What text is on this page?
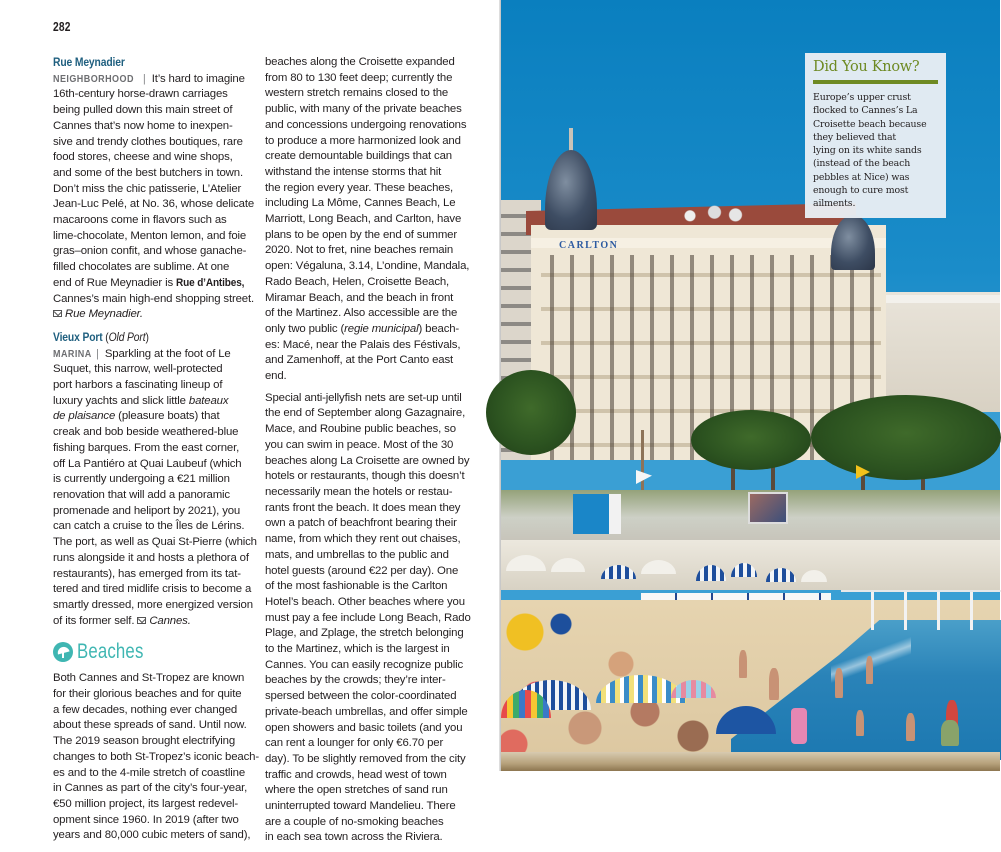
282
Rue Meynadier
NEIGHBORHOOD | It’s hard to imagine
16th-century horse-drawn carriages
being pulled down this main street of
Cannes that’s now home to inexpen-
sive and trendy clothes boutiques, rare
food stores, cheese and wine shops,
and some of the best butchers in town.
Don’t miss the chic patisserie, L’Atelier
Jean-Luc Pelé, at No. 36, whose delicate
macaroons come in flavors such as
lime-chocolate, Menton lemon, and foie
gras–onion confit, and whose ganache-
filled chocolates are sublime. At one
end of Rue Meynadier is Rue d’Antibes,
Cannes’s main high-end shopping street.
Rue Meynadier.
Vieux Port (Old Port)
MARINA | Sparkling at the foot of Le
Suquet, this narrow, well-protected
port harbors a fascinating lineup of
luxury yachts and slick little bateaux
de plaisance (pleasure boats) that
creak and bob beside weathered-blue
fishing barques. From the east corner,
off La Pantiéro at Quai Laubeuf (which
is currently undergoing a €21 million
renovation that will add a panoramic
promenade and heliport by 2021), you
can catch a cruise to the Îles de Lérins.
The port, as well as Quai St-Pierre (which
runs alongside it and hosts a plethora of
restaurants), has emerged from its tat-
tered and tired midlife crisis to become a
smartly dressed, more energized version
of its former self. Cannes.
Beaches
Both Cannes and St-Tropez are known
for their glorious beaches and for quite
a few decades, nothing ever changed
about these spreads of sand. Until now.
The 2019 season brought electrifying
changes to both St-Tropez’s iconic beach-
es and to the 4-mile stretch of coastline
in Cannes as part of the city’s four-year,
€50 million project, its largest redevel-
opment since 1960. In 2019 (after two
years and 80,000 cubic meters of sand),
beaches along the Croisette expanded
from 80 to 130 feet deep; currently the
western stretch remains closed to the
public, with many of the private beaches
and concessions undergoing renovations
to produce a more harmonized look and
create demountable buildings that can
withstand the intense storms that hit
the region every year. These beaches,
including La Môme, Cannes Beach, Le
Marriott, Long Beach, and Carlton, have
plans to be open by the end of summer
2020. Not to fret, nine beaches remain
open: Végaluna, 3.14, L’ondine, Mandala,
Rado Beach, Helen, Croisette Beach,
Miramar Beach, and the beach in front
of the Martinez. Also accessible are the
only two public (regie municipal) beach-
es: Macé, near the Palais des Féstivals,
and Zamenhoff, at the Port Canto east
end.
Special anti-jellyfish nets are set-up until
the end of September along Gazagnaire,
Mace, and Roubine public beaches, so
you can swim in peace. Most of the 30
beaches along La Croisette are owned by
hotels or restaurants, though this doesn’t
necessarily mean the hotels or restau-
rants front the beach. It does mean they
own a patch of beachfront bearing their
name, from which they rent out chaises,
mats, and umbrellas to the public and
hotel guests (around €22 per day). One
of the most fashionable is the Carlton
Hotel’s beach. Other beaches where you
must pay a fee include Long Beach, Rado
Plage, and Zplage, the stretch belonging
to the Martinez, which is the largest in
Cannes. You can easily recognize public
beaches by the crowds; they’re inter-
spersed between the color-coordinated
private-beach umbrellas, and offer simple
open showers and basic toilets (and you
can rent a lounger for only €6.70 per
day). To be slightly removed from the city
traffic and crowds, head west of town
where the open stretches of sand run
uninterrupted toward Mandelieu. There
are a couple of no-smoking beaches
in each sea town across the Riviera.
CARLTON
Did You Know?
Europe’s upper crust
flocked to Cannes’s La
Croisette beach because
they believed that
lying on its white sands
(instead of the beach
pebbles at Nice) was
enough to cure most
ailments.
